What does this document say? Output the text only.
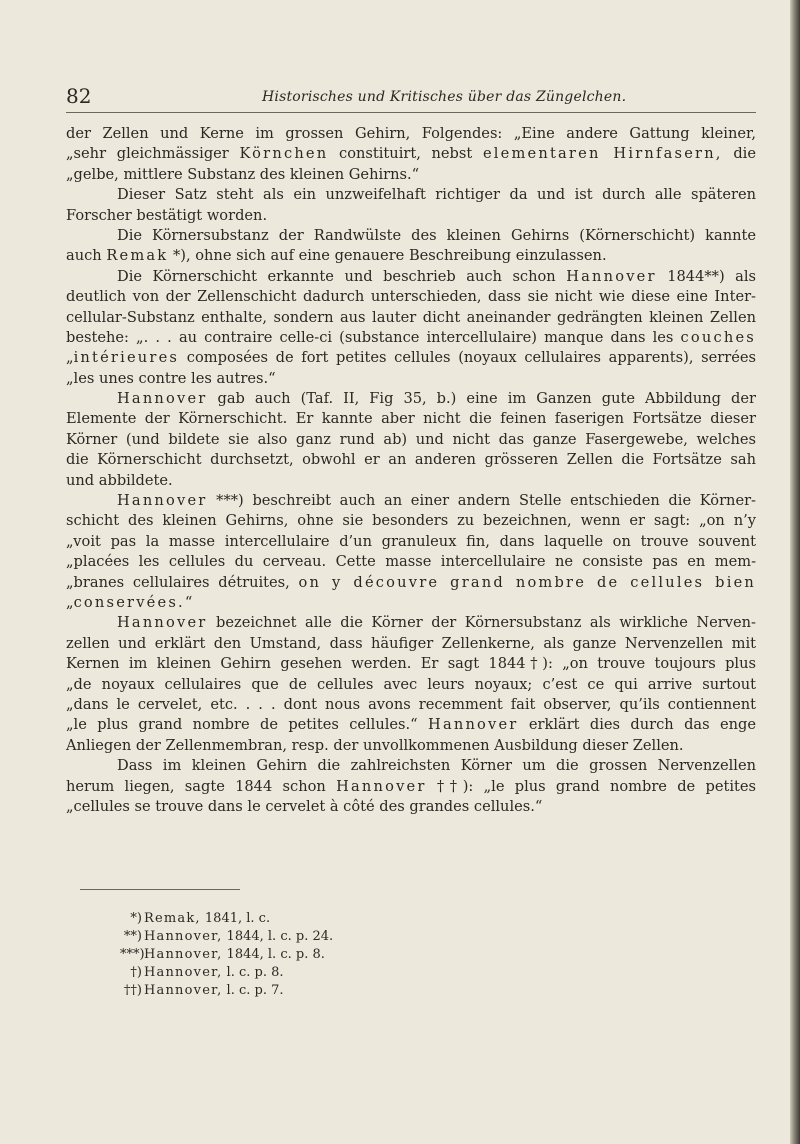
82	Historisches und Kritisches über das Züngelchen.
der Zellen und Kerne im grossen Gehirn, Folgendes: „Eine andere Gattung kleiner,
„sehr gleichmässiger Körnchen constituirt, nebst elementaren Hirnfasern, die
„gelbe, mittlere Substanz des kleinen Gehirns.“
Dieser Satz steht als ein unzweifelhaft richtiger da und ist durch alle späteren
Forscher bestätigt worden.
Die Körnersubstanz der Randwülste des kleinen Gehirns (Körnerschicht) kannte
auch Remak *), ohne sich auf eine genauere Beschreibung einzulassen.
Die Körnerschicht erkannte und beschrieb auch schon Hannover 1844**) als
deutlich von der Zellenschicht dadurch unterschieden, dass sie nicht wie diese eine Inter-
cellular-Substanz enthalte, sondern aus lauter dicht aneinander gedrängten kleinen Zellen
bestehe: „. . . au contraire celle-ci (substance intercellulaire) manque dans les couches
„intérieures composées de fort petites cellules (noyaux cellulaires apparents), serrées
„les unes contre les autres.“
Hannover gab auch (Taf. II, Fig 35, b.) eine im Ganzen gute Abbildung der
Elemente der Körnerschicht. Er kannte aber nicht die feinen faserigen Fortsätze dieser
Körner (und bildete sie also ganz rund ab) und nicht das ganze Fasergewebe, welches
die Körnerschicht durchsetzt, obwohl er an anderen grösseren Zellen die Fortsätze sah
und abbildete.
Hannover ***) beschreibt auch an einer andern Stelle entschieden die Körner-
schicht des kleinen Gehirns, ohne sie besonders zu bezeichnen, wenn er sagt: „on n’y
„voit pas la masse intercellulaire d’un granuleux fin, dans laquelle on trouve souvent
„placées les cellules du cerveau. Cette masse intercellulaire ne consiste pas en mem-
„branes cellulaires détruites, on y découvre grand nombre de cellules bien
„conservées.“
Hannover bezeichnet alle die Körner der Körnersubstanz als wirkliche Nerven-
zellen und erklärt den Umstand, dass häufiger Zellenkerne, als ganze Nervenzellen mit
Kernen im kleinen Gehirn gesehen werden. Er sagt 1844†): „on trouve toujours plus
„de noyaux cellulaires que de cellules avec leurs noyaux; c’est ce qui arrive surtout
„dans le cervelet, etc. . . . dont nous avons recemment fait observer, qu’ils contiennent
„le plus grand nombre de petites cellules.“ Hannover erklärt dies durch das enge
Anliegen der Zellenmembran, resp. der unvollkommenen Ausbildung dieser Zellen.
Dass im kleinen Gehirn die zahlreichsten Körner um die grossen Nervenzellen
herum liegen, sagte 1844 schon Hannover ††): „le plus grand nombre de petites
„cellules se trouve dans le cervelet à côté des grandes cellules.“
*) Remak, 1841, l. c.
**) Hannover, 1844, l. c. p. 24.
***)Hannover, 1844, l. c. p. 8.
†) Hannover, l. c. p. 8.
††) Hannover, l. c. p. 7.
